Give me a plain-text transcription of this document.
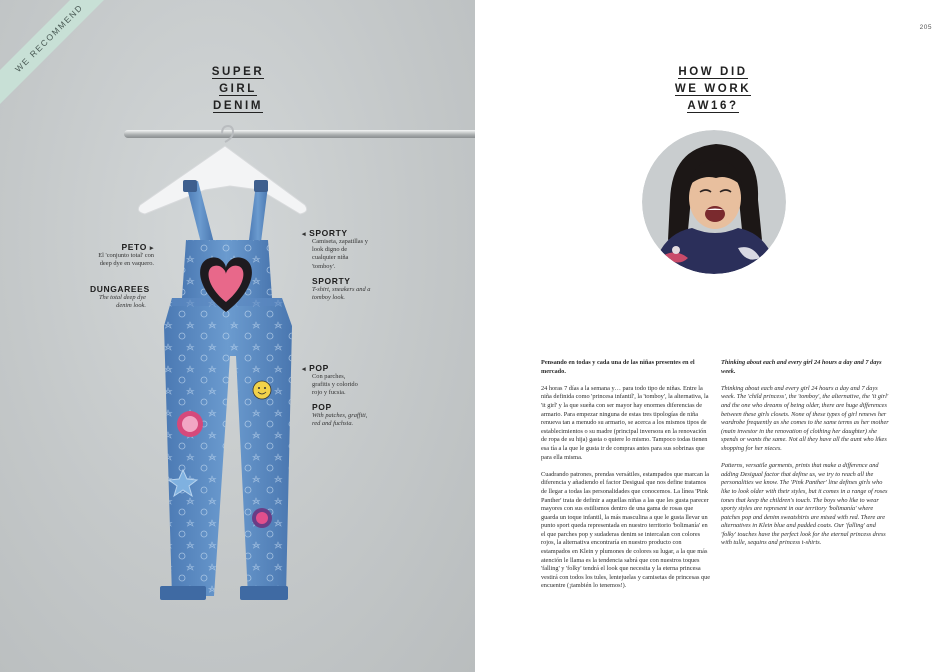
WE RECOMMEND	SUPER
GIRL
DENIM
PETO ▸
El 'conjunto total' con deep dye en vaquero.
DUNGAREES
The total deep dye denim look.
◂ SPORTY
Camiseta, zapatillas y look digno de cualquier niña 'tomboy'.
SPORTY
T-shirt, sneakers and a tomboy look.
◂ POP
Con parches, grafitis y colorido rojo y fucsia.
POP
With patches, graffiti, red and fuchsia.
205
HOW DID
WE WORK
AW16?

Pensando en todas y cada una de las niñas presentes en el mercado.

24 horas 7 días a la semana y… para todo tipo de niñas. Entre la niña definida como 'princesa infantil', la 'tomboy', la alternativa, la 'it girl' y la que sueña con ser mayor hay enormes diferencias de armario. Para empezar ninguna de estas tres tipologías de niña renueva tan a menudo su armario, se acerca a los mismos tipos de establecimientos o su madre (principal inversora en la renovación de ropa de su hija) gasta o quiere lo mismo. Tampoco todas tienen esa tía a la que le gusta ir de compras antes para sus sobrinas que para ella misma.

Cuadrando patrones, prendas versátiles, estampados que marcan la diferencia y añadiendo el factor Desigual que nos define tratamos de llegar a todas las personalidades que conocemos. La línea 'Pink Panther' trata de definir a aquellas niñas a las que les gusta parecer mayores con sus estilismos dentro de una gama de rosas que guarda un toque infantil, la más masculina a que le gusta llevar un punto sport queda representada en nuestro territorio 'bolimanía' en el que parches pop y sudaderas denim se intercalan con colores rojos, la alternativa encontraría en nuestro producto con estampados en Klein y plumones de colores su lugar, a la que más atención le llama es la tendencia sabrá que con nuestros toques 'falling' y 'folky' tendrá el look que necesita y la eterna princesa vestirá con todos los tules, lentejuelas y camisetas de princesas que encuentre (¡también lo tenemos!).

Thinking about each and every girl 24 hours a day and 7 days week.

Thinking about each and every girl 24 hours a day and 7 days week. The 'child princess', the 'tomboy', the alternative, the 'it girl' and the one who dreams of being older, there are huge differences between these girls closets. None of these types of girl renews her wardrobe frequently as she comes to the same terms as her mother (main investor in the renovation of clothing her daughter) she spends or wants the same. Not all they have all the aunt who likes shopping for her nieces.

Patterns, versatile garments, prints that make a difference and adding Desigual factor that define us, we try to reach all the personalities we know. The 'Pink Panther' line defines girls who like to look older with their styles, but it comes in a range of roses tones that keep the children's touch. The boys who like to wear sporty styles are represent in our territory 'bolimanía' where patches pop and denim sweatshirts are mixed with red. There are alternatives in Klein blue and padded coats. Our 'falling' and 'folky' touches have the perfect look for the eternal princess dress with tulle, sequins and princess t-shirts.
